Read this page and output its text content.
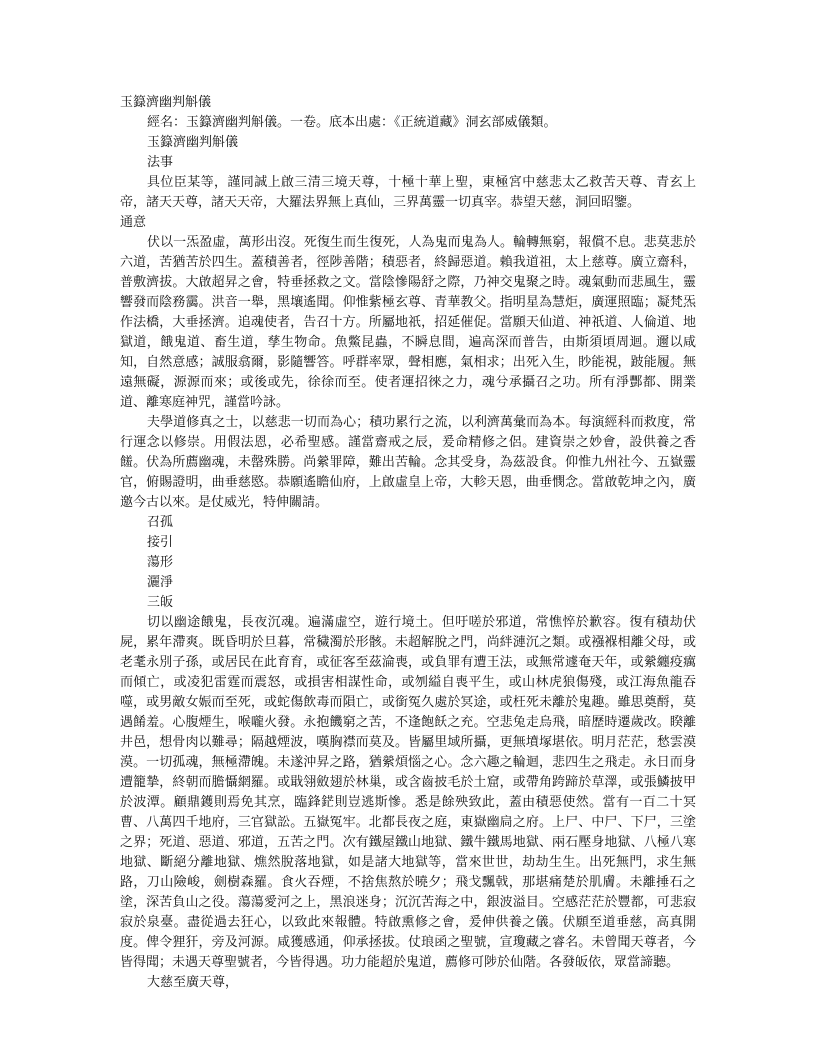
玉籙濟幽判斛儀

經名：玉籙濟幽判斛儀。一卷。底本出處：《正統道藏》洞玄部威儀類。

玉籙濟幽判斛儀

法事

具位臣某等，謹同誠上啟三清三境天尊，十極十華上聖，東極宮中慈悲太乙救苦天尊、青玄上帝，諸天天尊，諸天天帝，大羅法界無上真仙，三界萬靈一切真宰。恭望天慈，洞回昭鑒。

通意

伏以一炁盈虛，萬形出沒。死復生而生復死，人為鬼而鬼為人。輪轉無窮，報償不息。悲莫悲於六道，苦猶苦於四生。蓋積善者，徑陟善階；積惡者，終歸惡道。賴我道祖，太上慈尊。廣立齋科，普敷濟拔。大啟超昇之會，特垂拯救之文。當陰慘陽舒之際，乃神交鬼聚之時。魂氣動而悲風生，靈響發而陰務靄。洪音一舉，黑壤遙聞。仰惟紫極玄尊、青華教父。指明星為慧炬，廣運照臨；凝梵炁作法橋，大垂拯濟。追魂使者，告召十方。所屬地祇，招延催促。當願天仙道、神祇道、人倫道、地獄道，餓鬼道、畜生道，孳生物命。魚鱉昆蟲，不瞬息間，遍高深而普告，由斯須頃周迴。邇以咸知，自然意感；誠服翕爾，影隨響答。呼群率眾，聲相應，氣相求；出死入生，眇能視，跛能履。無遠無礙，源源而來；或後或先，徐徐而至。使者運招徠之力，魂兮承攝召之功。所有淨酆都、開業道、離寒庭神咒，謹當吟詠。

夫學道修真之士，以慈悲一切而為心；積功累行之流，以利濟萬彙而為本。每演經科而救度，常行運念以修崇。用假法恩，必希聖感。謹當齋戒之辰，爰命精修之侶。建資崇之妙會，設供養之香饈。伏為所薦幽魂，未罄殊勝。尚縈罪障，難出苦輪。念其受身，為茲設食。仰惟九州社今、五嶽靈官，俯賜證明，曲垂慈愍。恭願遙瞻仙府，上啟虛皇上帝，大軫天恩，曲垂憫念。當啟乾坤之內，廣邀今古以來。是仗威光，特伸關請。

召孤

接引

蕩形

灑淨

三皈

切以幽途餓鬼，長夜沉魂。遍滿虛空，遊行境土。但吁嗟於邪道，常憔悴於歉容。復有積劫伏屍，累年滯爽。既昏明於旦暮，常穢濁於形骸。未超解脫之門，尚絆漣沉之類。或襁褓相離父母，或老耄永別子孫，或居民在此育育，或征客至茲淪喪，或負罪有遭王法，或無常遽奄天年，或縈纏疫癘而傾亡，或凌犯雷霆而震怒，或損害相謀性命，或刎縊自喪平生，或山林虎狼傷殘，或江海魚龍吞噬，或男敵女娠而至死，或蛇傷飲毒而隕亡，或銜冤久處於冥途，或枉死未離於鬼趣。雖思奠酹，莫遇餚羞。心腹煙生，喉嚨火發。永抱饑窮之苦，不逢飽飫之充。空悲兔走烏飛，暗歷時遷歲改。睽離井邑，想骨肉以難尋；隔越煙波，嘆胸襟而莫及。皆屬里域所攝，更無墳塚堪依。明月茫茫，愁雲漠漠。一切孤魂，無極滯魄。未遂沖昇之路，猶縈煩惱之心。念六趣之輪迴，悲四生之飛走。永日而身遭籠摯，終朝而膽懾網羅。或戢翎斂翅於林巢，或含齒披毛於土窟，或帶角跨蹄於草澤，或張鱗披甲於波潭。顧鼎鑊則焉免其烹，臨鋒鋩則豈逃斯慘。悉是餘殃致此，蓋由積惡使然。當有一百二十冥曹、八萬四千地府，三官獄訟。五嶽冤牢。北都長夜之庭，東嶽幽扃之府。上尸、中尸、下尸，三塗之界；死道、惡道、邪道，五苦之門。次有鐵屋鐵山地獄、鐵牛鐵馬地獄、兩石壓身地獄、八極八寒地獄、斷絕分離地獄、燋然脫落地獄，如是諸大地獄等，當來世世，劫劫生生。出死無門，求生無路，刀山險峻，劍樹森羅。食火吞煙，不捨焦熬於曉夕；飛戈飄戟，那堪痛楚於肌膚。未離捶石之塗，深苦負山之役。蕩蕩愛河之上，黑浪迷身；沉沉苦海之中，銀波溢目。空感茫茫於豐都，可悲寂寂於泉臺。盡從過去狂心，以致此來報體。特啟熏修之會，爰伸供養之儀。伏願至道垂慈，高真開度。俾令狸犴，旁及河源。咸獲感通，仰承拯拔。仗琅函之聖號，宣瓊藏之睿名。未曾聞天尊者，今皆得聞；未遇天尊聖號者，今皆得遇。功力能超於鬼道，薦修可陟於仙階。各發皈依，眾當諦聽。

大慈至廣天尊，
